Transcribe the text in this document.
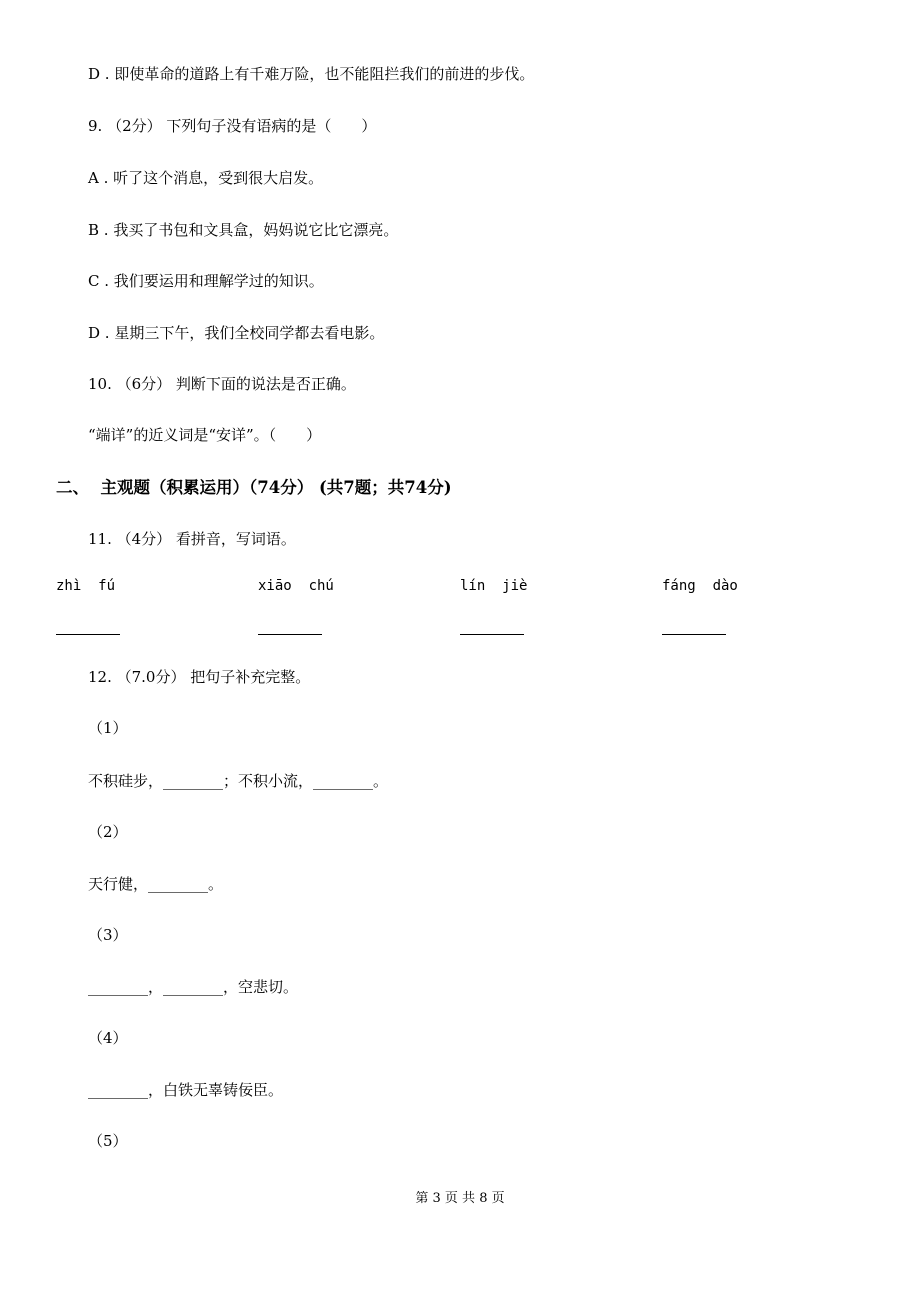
D . 即使革命的道路上有千难万险，也不能阻拦我们的前进的步伐。
9. （2分） 下列句子没有语病的是（　　）
A . 听了这个消息，受到很大启发。
B . 我买了书包和文具盒，妈妈说它比它漂亮。
C . 我们要运用和理解学过的知识。
D . 星期三下午，我们全校同学都去看电影。
10. （6分） 判断下面的说法是否正确。
“端详”的近义词是“安详”。（　　）
二、  主观题（积累运用）（74分） (共7题；共74分)
11. （4分） 看拼音，写词语。
zhì  fú	xiāo  chú	lín  jiè	fáng  dào
12. （7.0分） 把句子补充完整。
（1）
不积硅步，________；不积小流，________。
（2）
天行健，________。
（3）
________，________，空悲切。
（4）
________，白铁无辜铸佞臣。
（5）
第 3 页 共 8 页
